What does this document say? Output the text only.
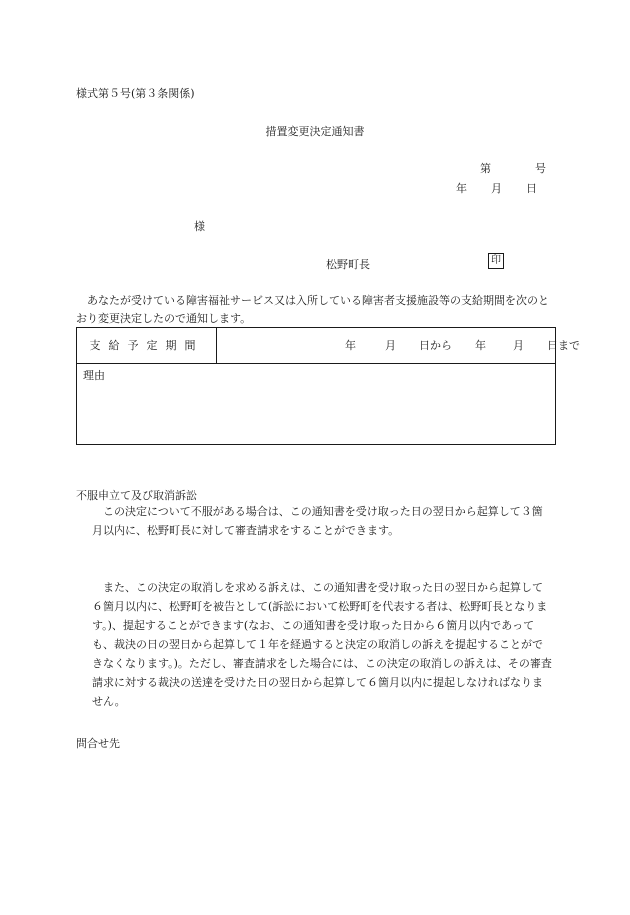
様式第５号(第３条関係)
措置変更決定通知書
第	号
年 月 日
様
松野町長	印
あなたが受けている障害福祉サービス又は入所している障害者支援施設等の支給期間を次のとおり変更決定したので通知します。
支給予定期間	年	月 日から 年 月 日まで
理由
不服申立て及び取消訴訟
この決定について不服がある場合は、この通知書を受け取った日の翌日から起算して３箇月以内に、松野町長に対して審査請求をすることができます。
また、この決定の取消しを求める訴えは、この通知書を受け取った日の翌日から起算して６箇月以内に、松野町を被告として(訴訟において松野町を代表する者は、松野町長となります。)、提起することができます(なお、この通知書を受け取った日から６箇月以内であっても、裁決の日の翌日から起算して１年を経過すると決定の取消しの訴えを提起することができなくなります。)。ただし、審査請求をした場合には、この決定の取消しの訴えは、その審査請求に対する裁決の送達を受けた日の翌日から起算して６箇月以内に提起しなければなりません。
問合せ先
